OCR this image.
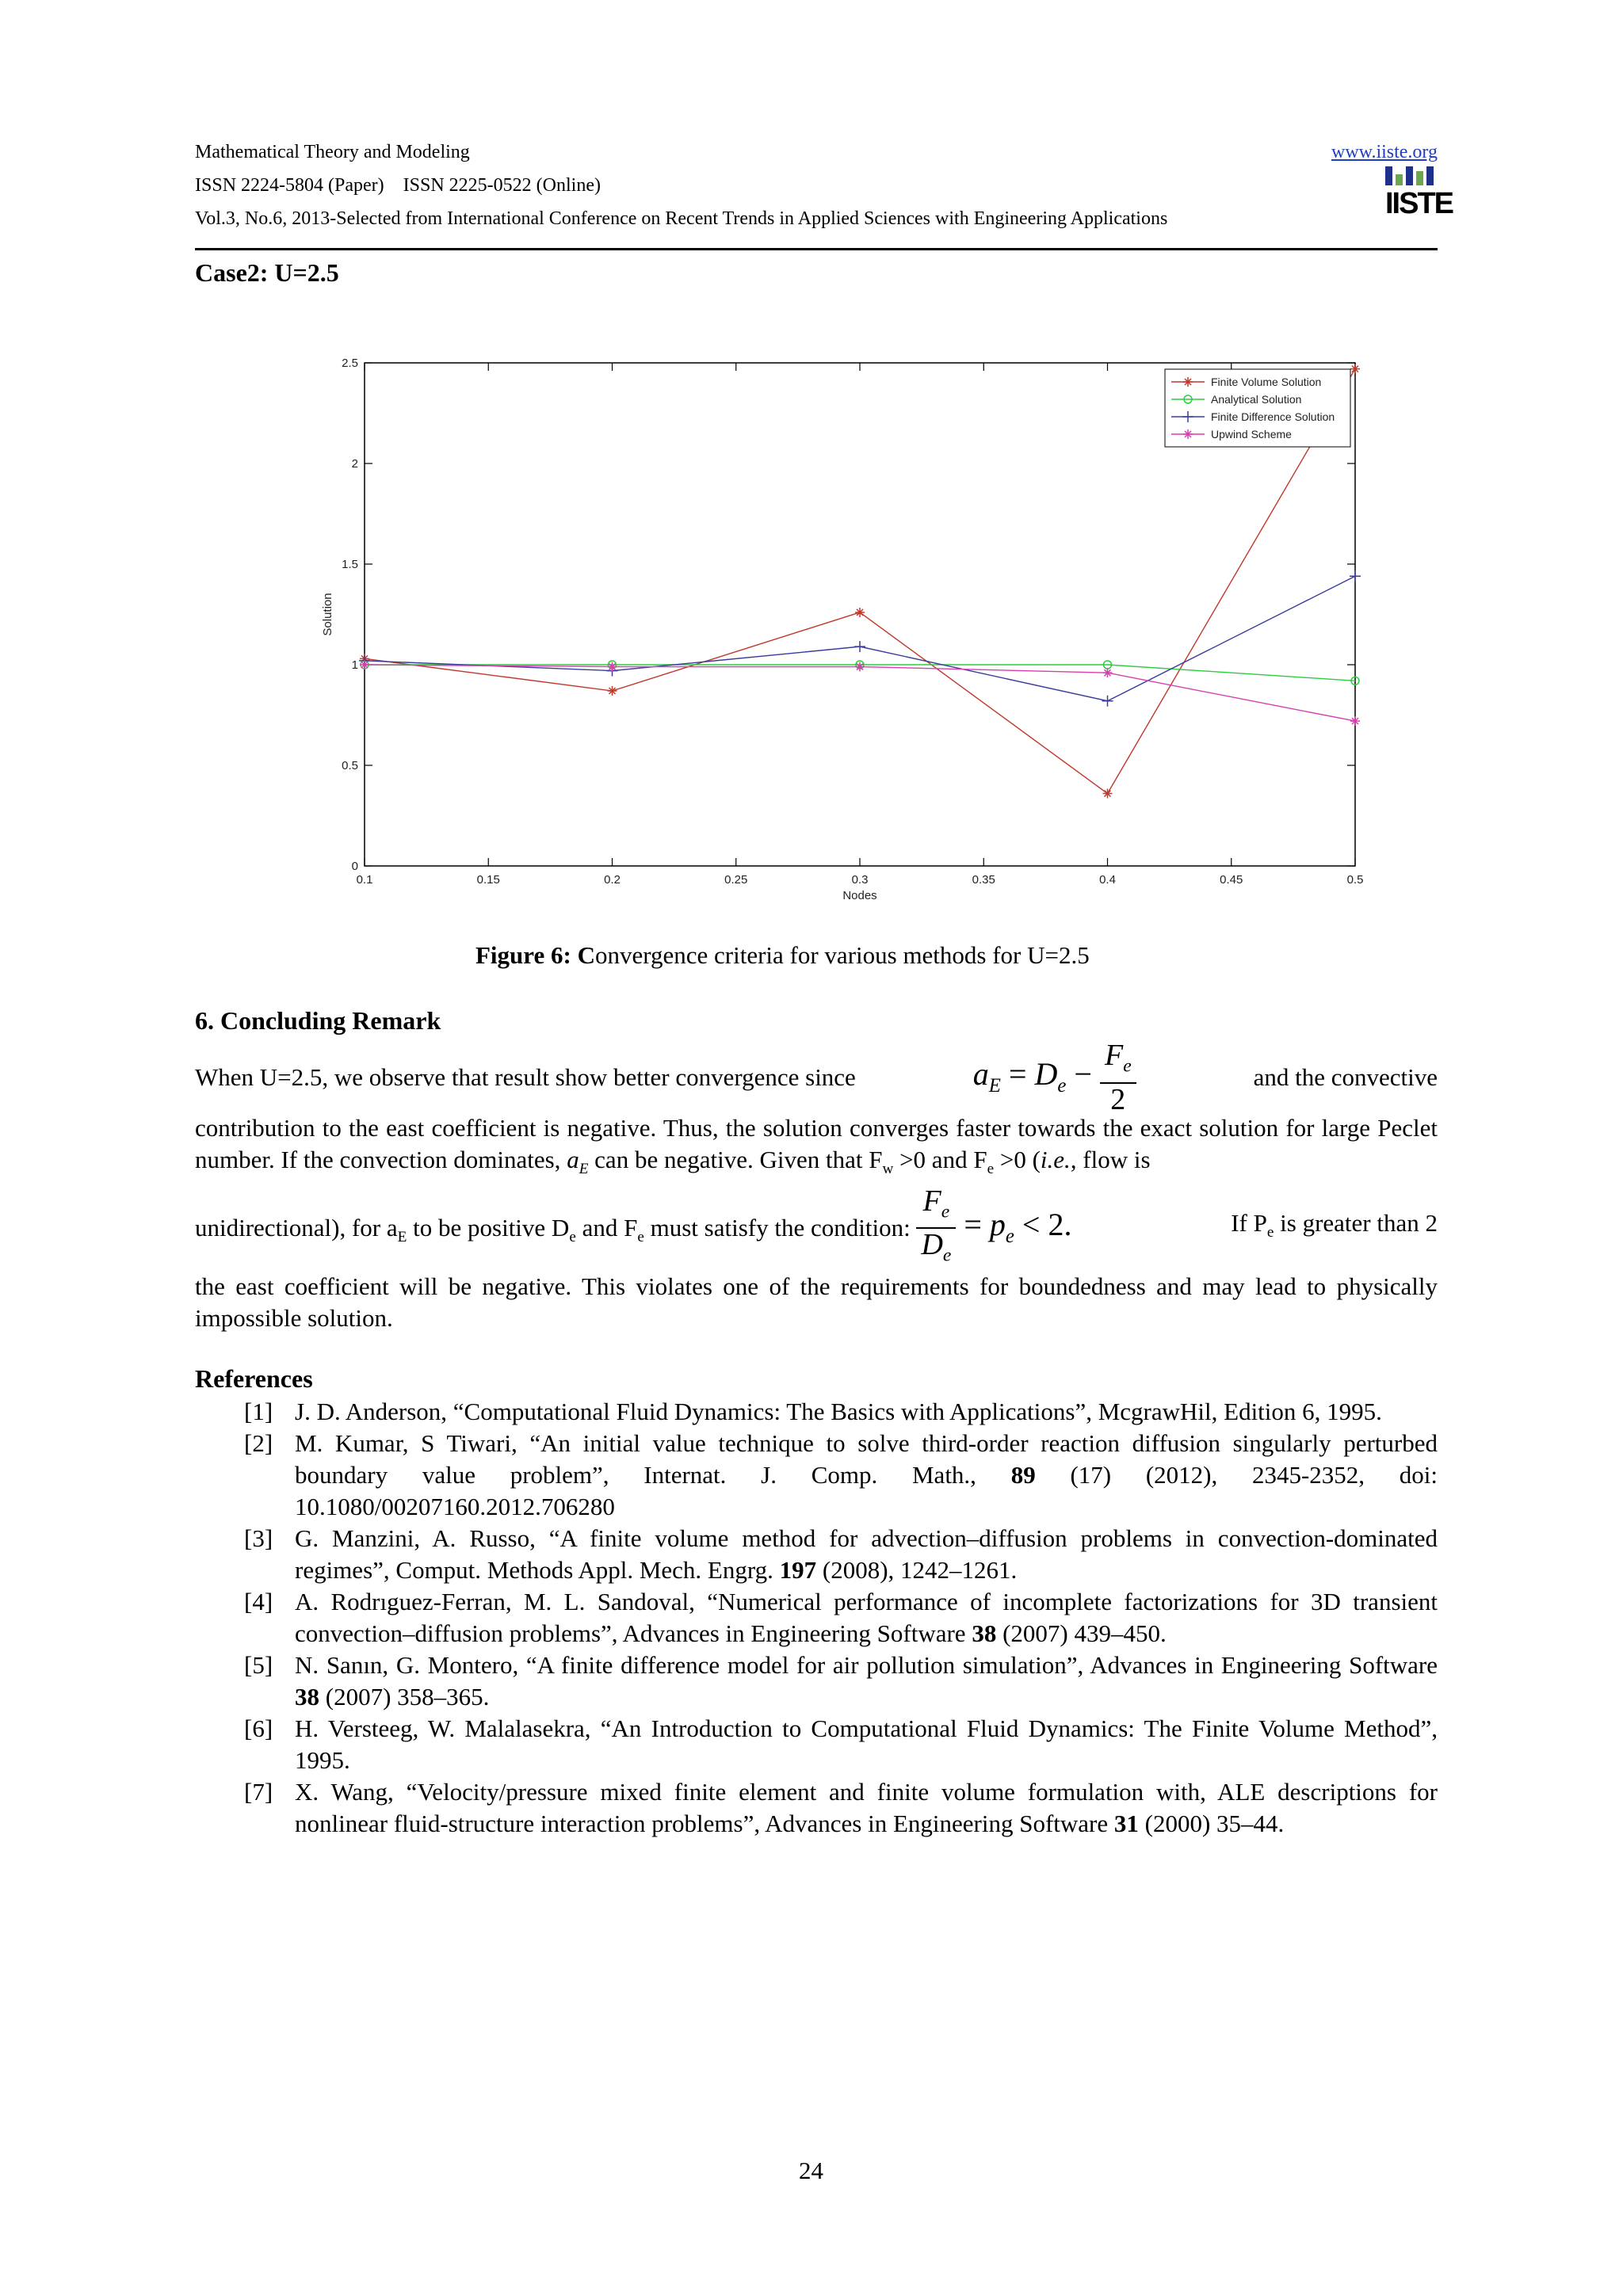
Mathematical Theory and Modeling
ISSN 2224-5804 (Paper)    ISSN 2225-0522 (Online)
Vol.3, No.6, 2013-Selected from International Conference on Recent Trends in Applied Sciences with Engineering Applications
www.iiste.org
IISTE
Case2: U=2.5
0.1	0.15	0.2	0.25	0.3	0.35	0.4	0.45	0.5
0
0.5
1
1.5
2
2.5
Nodes
Solution
Finite Volume Solution
Analytical Solution
Finite Difference Solution
Upwind Scheme
Figure 6: Convergence criteria for various methods for U=2.5
6. Concluding Remark
When U=2.5, we observe that result show better convergence since	$a_E = D_e - \frac{F_e}{2}$	and the convective
contribution to the east coefficient is negative. Thus, the solution converges faster towards the exact solution for large Peclet number. If the convection dominates, $a_E$ can be negative. Given that $F_w >0$ and $F_e >0$ (i.e., flow is
unidirectional), for $a_E$ to be positive $D_e$ and $F_e$ must satisfy the condition: $\frac{F_e}{D_e} = p_e < 2$.	If $P_e$ is greater than 2
the east coefficient will be negative. This violates one of the requirements for boundedness and may lead to physically impossible solution.
References
[1] J. D. Anderson, “Computational Fluid Dynamics: The Basics with Applications”, McgrawHil, Edition 6, 1995.
[2] M. Kumar, S Tiwari, “An initial value technique to solve third-order reaction diffusion singularly perturbed boundary value problem”, Internat. J. Comp. Math., 89 (17) (2012), 2345-2352, doi: 10.1080/00207160.2012.706280
[3] G. Manzini, A. Russo, “A finite volume method for advection–diffusion problems in convection-dominated regimes”, Comput. Methods Appl. Mech. Engrg. 197 (2008), 1242–1261.
[4] A. Rodrıguez-Ferran, M. L. Sandoval, “Numerical performance of incomplete factorizations for 3D transient convection–diffusion problems”, Advances in Engineering Software 38 (2007) 439–450.
[5] N. Sanın, G. Montero, “A finite difference model for air pollution simulation”, Advances in Engineering Software 38 (2007) 358–365.
[6] H. Versteeg, W. Malalasekra, “An Introduction to Computational Fluid Dynamics: The Finite Volume Method”, 1995.
[7] X. Wang, “Velocity/pressure mixed finite element and finite volume formulation with, ALE descriptions for nonlinear fluid-structure interaction problems”, Advances in Engineering Software 31 (2000) 35–44.
24
